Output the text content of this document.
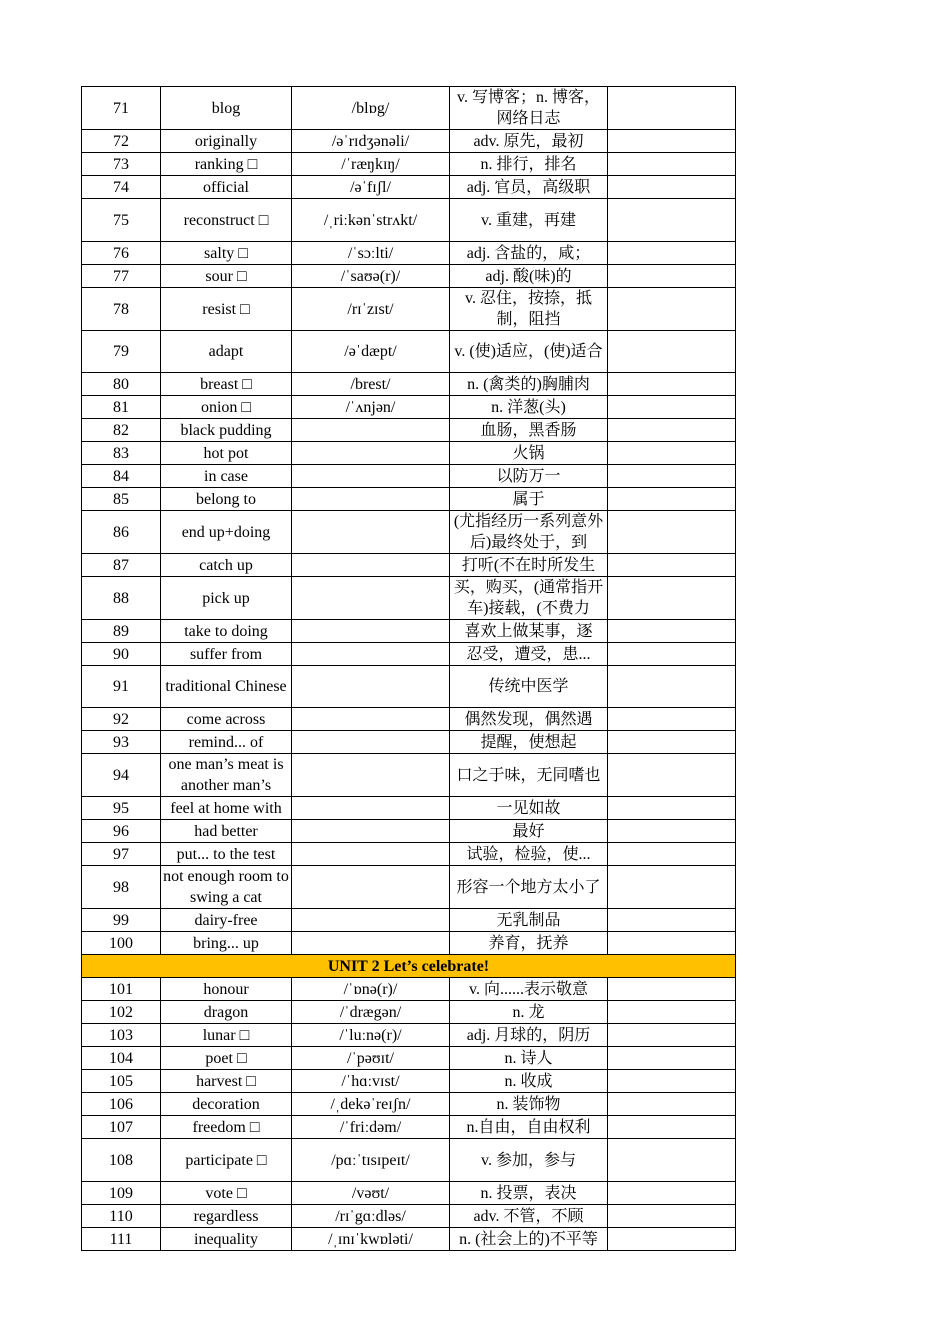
71	blog	/blɒg/	v. 写博客；n. 博客，网络日志	
72	originally	/əˈrɪdʒənəli/	adv. 原先，最初	
73	ranking □	/ˈræŋkɪŋ/	n. 排行，排名	
74	official	/əˈfɪʃl/	adj. 官员，高级职	
75	reconstruct □	/ˌriːkənˈstrʌkt/	v. 重建，再建	
76	salty □	/ˈsɔːlti/	adj. 含盐的，咸；	
77	sour □	/ˈsaʊə(r)/	adj. 酸(味)的	
78	resist □	/rɪˈzɪst/	v. 忍住，按捺，抵制，阻挡	
79	adapt	/əˈdæpt/	v. (使)适应，(使)适合	
80	breast □	/brest/	n. (禽类的)胸脯肉	
81	onion □	/ˈʌnjən/	n. 洋葱(头)	
82	black pudding		血肠，黑香肠	
83	hot pot		火锅	
84	in case		以防万一	
85	belong to		属于	
86	end up+doing		(尤指经历一系列意外后)最终处于，到	
87	catch up		打听(不在时所发生	
88	pick up		买，购买，(通常指开车)接载，(不费力	
89	take to doing		喜欢上做某事，逐	
90	suffer from		忍受，遭受，患...	
91	traditional Chinese		传统中医学	
92	come across		偶然发现，偶然遇	
93	remind... of		提醒，使想起	
94	one man’s meat is another man’s		口之于味，无同嗜也	
95	feel at home with		一见如故	
96	had better		最好	
97	put... to the test		试验，检验，使...	
98	not enough room to swing a cat		形容一个地方太小了	
99	dairy-free		无乳制品	
100	bring... up		养育，抚养	
UNIT 2 Let’s celebrate!				
101	honour	/ˈɒnə(r)/	v. 向......表示敬意	
102	dragon	/ˈdrægən/	n. 龙	
103	lunar □	/ˈluːnə(r)/	adj. 月球的，阴历	
104	poet □	/ˈpəʊɪt/	n. 诗人	
105	harvest □	/ˈhɑːvɪst/	n. 收成	
106	decoration	/ˌdekəˈreɪʃn/	n. 装饰物	
107	freedom □	/ˈfriːdəm/	n.自由，自由权利	
108	participate □	/pɑːˈtɪsɪpeɪt/	v. 参加，参与	
109	vote □	/vəʊt/	n. 投票，表决	
110	regardless	/rɪˈgɑːdləs/	adv. 不管，不顾	
111	inequality	/ˌɪnɪˈkwɒləti/	n. (社会上的)不平等	
